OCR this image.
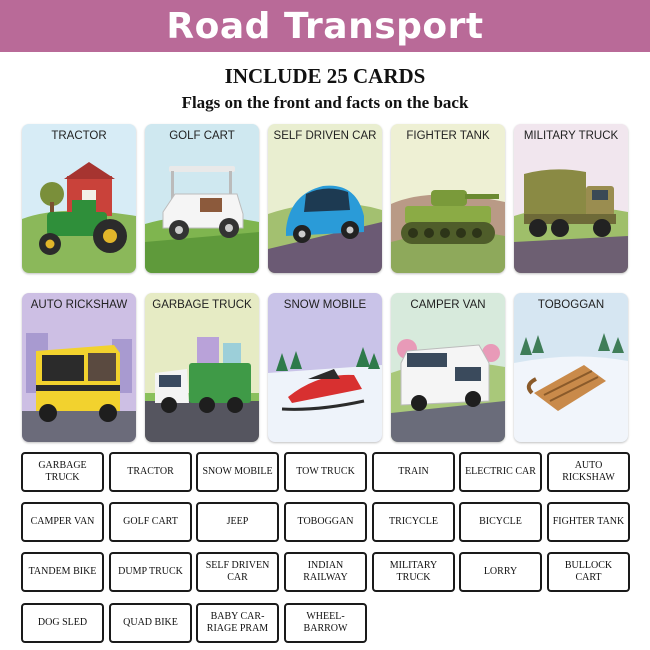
Road Transport
INCLUDE 25 CARDS
Flags on the front and facts on the back
TRACTOR	GOLF CART	SELF DRIVEN CAR	FIGHTER TANK	MILITARY TRUCK
AUTO RICKSHAW	GARBAGE TRUCK	SNOW MOBILE	CAMPER VAN	TOBOGGAN
GARBAGE TRUCK
TRACTOR	SNOW MOBILE	TOW TRUCK	TRAIN	ELECTRIC CAR
AUTO RICKSHAW
CAMPER VAN	GOLF CART	JEEP	TOBOGGAN	TRICYCLE	BICYCLE	FIGHTER TANK
TANDEM BIKE	DUMP TRUCK
SELF DRIVEN CAR
INDIAN RAILWAY
MILITARY TRUCK
LORRY
BULLOCK CART
DOG SLED	QUAD BIKE
BABY CAR-RIAGE PRAM
WHEEL-BARROW
